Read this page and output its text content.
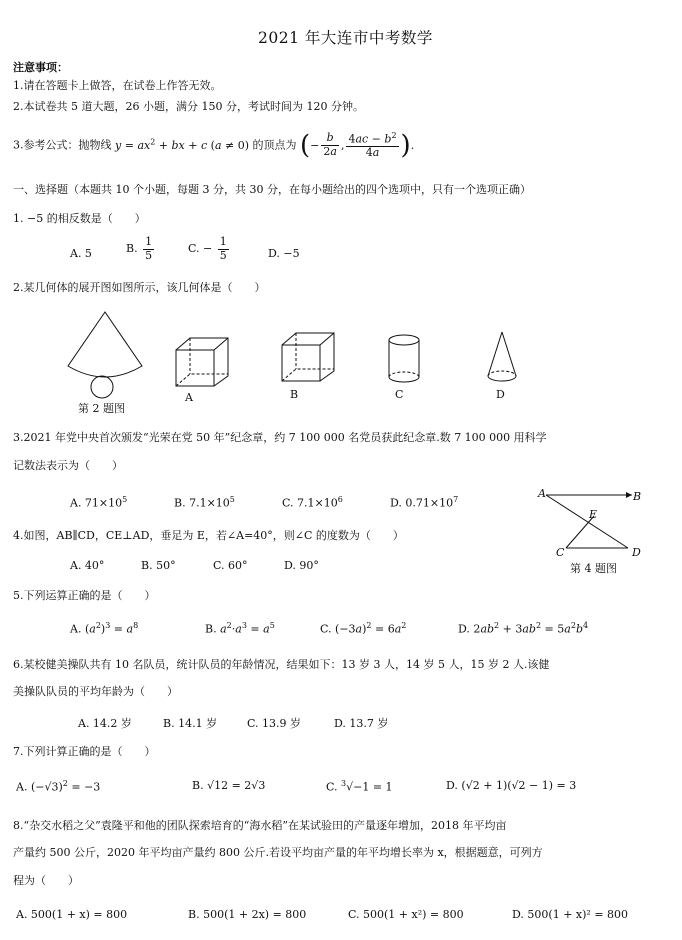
2021 年大连市中考数学
注意事项：
1.请在答题卡上做答，在试卷上作答无效。
2.本试卷共 5 道大题，26 小题，满分 150 分，考试时间为 120 分钟。
3.参考公式：抛物线 $y = ax^2$ + bx + c (a ≠ 0) 的顶点为 (− $\frac{b}{2a}$ , $\frac{4ac - b^2}{4a}$ ).
一、选择题（本题共 10 个小题，每题 3 分，共 30 分，在每小题给出的四个选项中，只有一个选项正确）
1. −5 的相反数是（　　）
A. 5	B. $\frac{1}{5}$	C. − $\frac{1}{5}$	D. −5
2.某几何体的展开图如图所示，该几何体是（　　）
第 2 题图
A	B	C	D
3.2021 年党中央首次颁发“光荣在党 50 年”纪念章，约 7 100 000 名党员获此纪念章.数 7 100 000 用科学
记数法表示为（　　）
A. $71\times 10^5$	B. $7.1\times 10^5$	C. $7.1\times 10^6$	D. $0.71\times 10^7$	A	B
E
C	D
第 4 题图
4.如图，AB∥CD，CE⊥AD，垂足为 E，若∠A=40°，则∠C 的度数为（　　）
A. 40°	B. 50°	C. 60°	D. 90°
5.下列运算正确的是（　　）
A. $(a^2)^3 = a^8$	B. $a^2\cdot a^3 = a^5$	C. $(-3a)^2 = 6a^2$	D. $2ab^2 + 3ab^2 = 5a^2b^4$
6.某校健美操队共有 10 名队员，统计队员的年龄情况，结果如下：13 岁 3 人，14 岁 5 人，15 岁 2 人.该健
美操队队员的平均年龄为（　　）
A. 14.2 岁	B. 14.1 岁	C. 13.9 岁	D. 13.7 岁
7.下列计算正确的是（　　）
A. $(-√3)^2 = -3$	B. √12 = 2√3	C. $^3$√−1 = 1	D. (√2 + 1)(√2 − 1) = 3
8.“杂交水稻之父”袁隆平和他的团队探索培育的“海水稻”在某试验田的产量逐年增加，2018 年平均亩
产量约 500 公斤，2020 年平均亩产量约 800 公斤.若设平均亩产量的年平均增长率为 x，根据题意，可列方
程为（　　）
A. 500(1 + x) = 800	B. 500(1 + 2x) = 800	C. 500(1 + x²) = 800	D. 500(1 + x)² = 800
